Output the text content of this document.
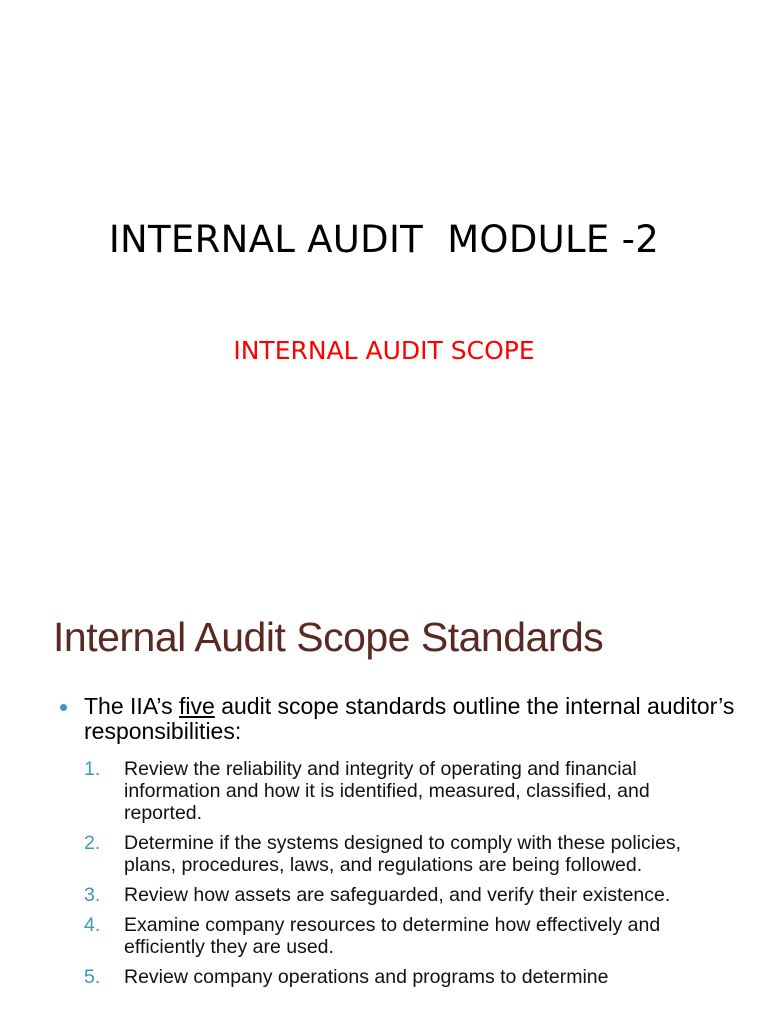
INTERNAL AUDIT  MODULE -2
INTERNAL AUDIT SCOPE
Internal Audit Scope Standards
The IIA’s five audit scope standards outline the internal auditor’s responsibilities:
1.	Review the reliability and integrity of operating and financial information and how it is identified, measured, classified, and reported.
2.	Determine if the systems designed to comply with these policies, plans, procedures, laws, and regulations are being followed.
3.	Review how assets are safeguarded, and verify their existence.
4.	Examine company resources to determine how effectively and efficiently they are used.
5.	Review company operations and programs to determine
